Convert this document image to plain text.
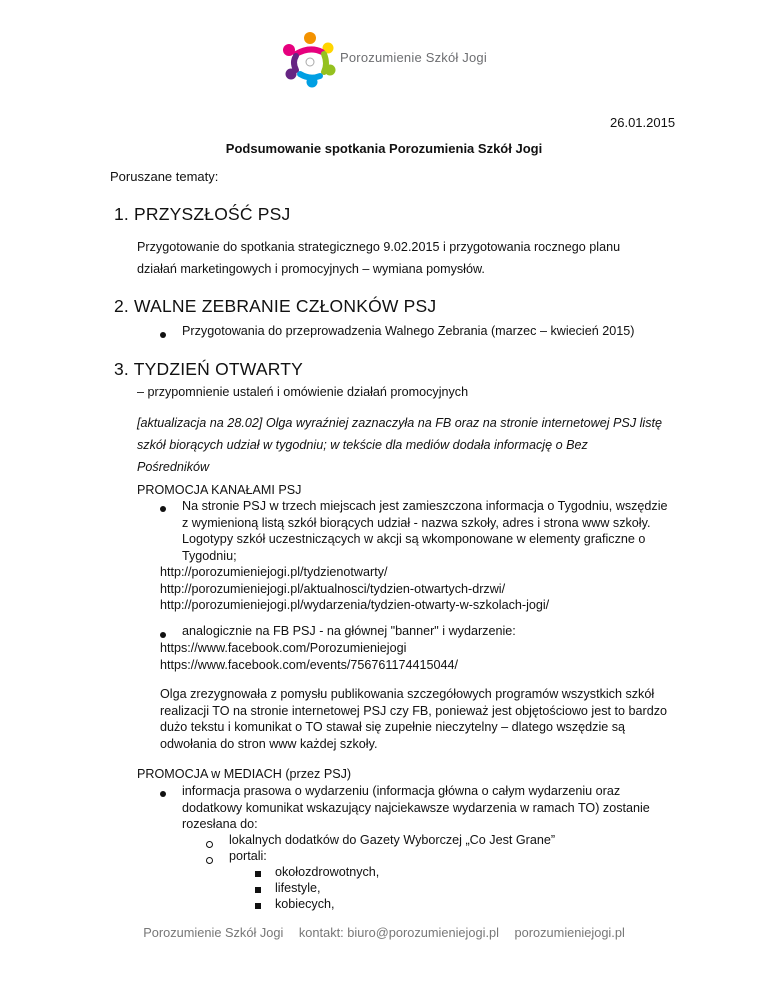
Porozumienie Szkół Jogi
26.01.2015
Podsumowanie spotkania Porozumienia Szkół Jogi
Poruszane tematy:
1. PRZYSZŁOŚĆ PSJ
Przygotowanie do spotkania strategicznego 9.02.2015 i przygotowania rocznego planu
działań marketingowych i promocyjnych – wymiana pomysłów.
2. WALNE ZEBRANIE CZŁONKÓW PSJ
Przygotowania do przeprowadzenia Walnego Zebrania (marzec – kwiecień 2015)
3. TYDZIEŃ OTWARTY
– przypomnienie ustaleń i omówienie działań promocyjnych
[aktualizacja na 28.02] Olga wyraźniej zaznaczyła na FB oraz na stronie internetowej PSJ listę
szkół biorących udział w tygodniu; w tekście dla mediów dodała informację o Bez
Pośredników
PROMOCJA KANAŁAMI PSJ
Na stronie PSJ w trzech miejscach jest zamieszczona informacja o Tygodniu, wszędzie
z wymienioną listą szkół biorących udział - nazwa szkoły, adres i strona www szkoły.
Logotypy szkół uczestniczących w akcji są wkomponowane w elementy graficzne o
Tygodniu;
http://porozumieniejogi.pl/tydzienotwarty/
http://porozumieniejogi.pl/aktualnosci/tydzien-otwartych-drzwi/
http://porozumieniejogi.pl/wydarzenia/tydzien-otwarty-w-szkolach-jogi/
analogicznie na FB PSJ - na głównej "banner" i wydarzenie:
https://www.facebook.com/Porozumieniejogi
https://www.facebook.com/events/756761174415044/
Olga zrezygnowała z pomysłu publikowania szczegółowych programów wszystkich szkół
realizacji TO na stronie internetowej PSJ czy FB, ponieważ jest objętościowo jest to bardzo
dużo tekstu i komunikat o TO stawał się zupełnie nieczytelny – dlatego wszędzie są
odwołania do stron www każdej szkoły.
PROMOCJA w MEDIACH (przez PSJ)
informacja prasowa o wydarzeniu (informacja główna o całym wydarzeniu oraz
dodatkowy komunikat wskazujący najciekawsze wydarzenia w ramach TO) zostanie
rozesłana do:
lokalnych dodatków do Gazety Wyborczej „Co Jest Grane”
portali:
okołozdrowotnych,
lifestyle,
kobiecych,
Porozumienie Szkół Jogi kontakt: biuro@porozumieniejogi.pl porozumieniejogi.pl
